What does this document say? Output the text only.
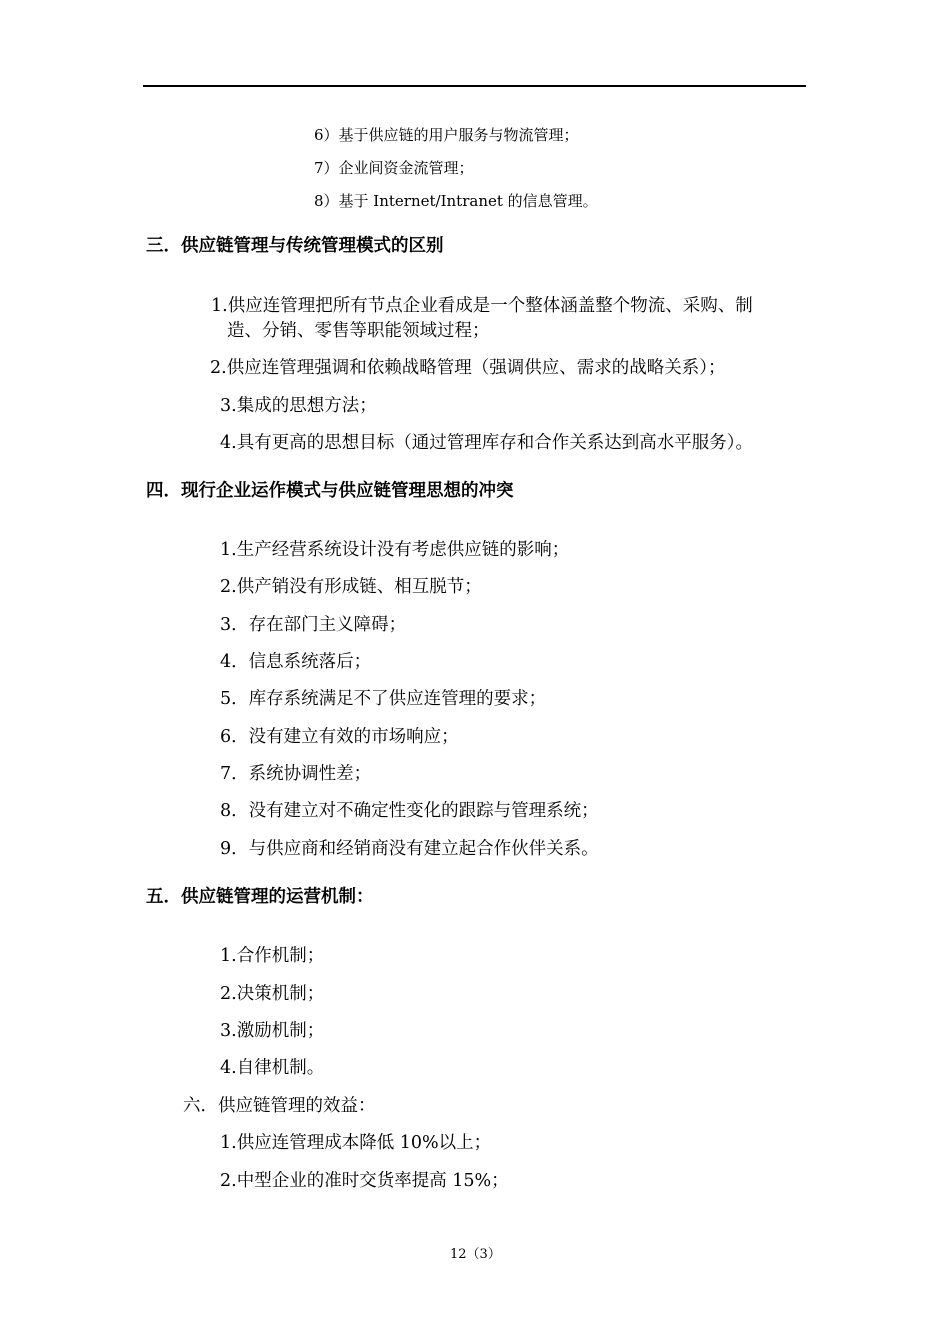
6）基于供应链的用户服务与物流管理；
7）企业间资金流管理；
8）基于 Internet/Intranet 的信息管理。
三．供应链管理与传统管理模式的区别
1.供应连管理把所有节点企业看成是一个整体涵盖整个物流、采购、制
造、分销、零售等职能领域过程；
2.供应连管理强调和依赖战略管理（强调供应、需求的战略关系）；
3.集成的思想方法；
4.具有更高的思想目标（通过管理库存和合作关系达到高水平服务）。
四．现行企业运作模式与供应链管理思想的冲突
1.生产经营系统设计没有考虑供应链的影响；
2.供产销没有形成链、相互脱节；
3．存在部门主义障碍；
4．信息系统落后；
5．库存系统满足不了供应连管理的要求；
6．没有建立有效的市场响应；
7．系统协调性差；
8．没有建立对不确定性变化的跟踪与管理系统；
9．与供应商和经销商没有建立起合作伙伴关系。
五．供应链管理的运营机制：
1.合作机制；
2.决策机制；
3.激励机制；
4.自律机制。
六．供应链管理的效益：
1.供应连管理成本降低 10%以上；
2.中型企业的准时交货率提高 15%；
12（3）
